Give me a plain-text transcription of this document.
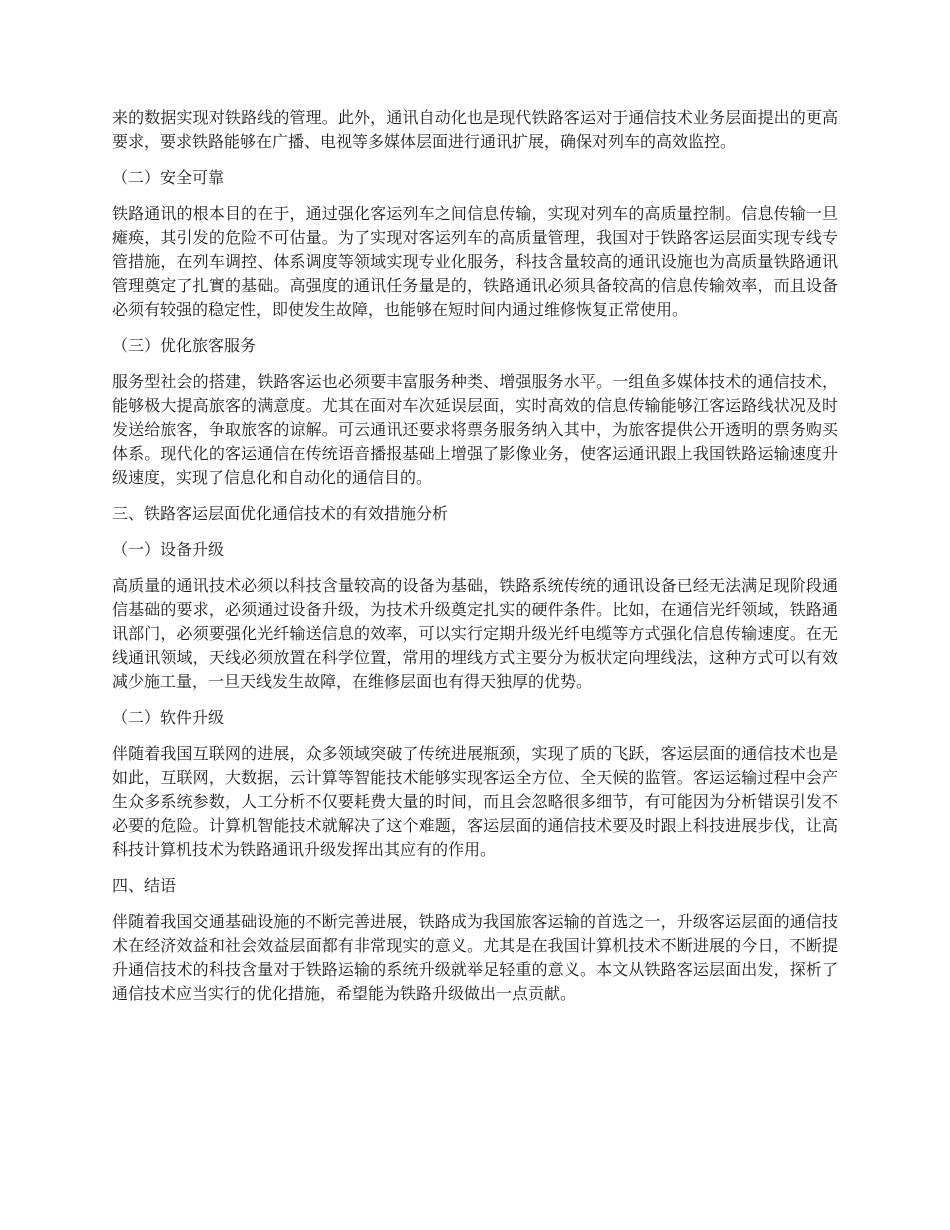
来的数据实现对铁路线的管理。此外，通讯自动化也是现代铁路客运对于通信技术业务层面提出的更高要求，要求铁路能够在广播、电视等多媒体层面进行通讯扩展，确保对列车的高效监控。

（二）安全可靠

铁路通讯的根本目的在于，通过强化客运列车之间信息传输，实现对列车的高质量控制。信息传输一旦瘫痪，其引发的危险不可估量。为了实现对客运列车的高质量管理，我国对于铁路客运层面实现专线专管措施，在列车调控、体系调度等领域实现专业化服务，科技含量较高的通讯设施也为高质量铁路通讯管理奠定了扎實的基础。高强度的通讯任务量是的，铁路通讯必须具备较高的信息传输效率，而且设备必须有较强的稳定性，即使发生故障，也能够在短时间内通过维修恢复正常使用。

（三）优化旅客服务

服务型社会的搭建，铁路客运也必须要丰富服务种类、增强服务水平。一组鱼多媒体技术的通信技术，能够极大提高旅客的满意度。尤其在面对车次延误层面，实时高效的信息传输能够江客运路线状况及时发送给旅客，争取旅客的谅解。可云通讯还要求将票务服务纳入其中，为旅客提供公开透明的票务购买体系。现代化的客运通信在传统语音播报基础上增强了影像业务，使客运通讯跟上我国铁路运输速度升级速度，实现了信息化和自动化的通信目的。

三、铁路客运层面优化通信技术的有效措施分析

（一）设备升级

高质量的通讯技术必须以科技含量较高的设备为基础，铁路系统传统的通讯设备已经无法满足现阶段通信基础的要求，必须通过设备升级，为技术升级奠定扎实的硬件条件。比如，在通信光纤领域，铁路通讯部门，必须要强化光纤输送信息的效率，可以实行定期升级光纤电缆等方式强化信息传输速度。在无线通讯领域，天线必须放置在科学位置，常用的埋线方式主要分为板状定向埋线法，这种方式可以有效减少施工量，一旦天线发生故障，在维修层面也有得天独厚的优势。

（二）软件升级

伴随着我国互联网的进展，众多领域突破了传统进展瓶颈，实现了质的飞跃，客运层面的通信技术也是如此，互联网，大数据，云计算等智能技术能够实现客运全方位、全天候的监管。客运运输过程中会产生众多系统参数，人工分析不仅要耗费大量的时间，而且会忽略很多细节，有可能因为分析错误引发不必要的危险。计算机智能技术就解决了这个难题，客运层面的通信技术要及时跟上科技进展步伐，让高科技计算机技术为铁路通讯升级发挥出其应有的作用。

四、结语

伴随着我国交通基础设施的不断完善进展，铁路成为我国旅客运输的首选之一，升级客运层面的通信技术在经济效益和社会效益层面都有非常现实的意义。尤其是在我国计算机技术不断进展的今日，不断提升通信技术的科技含量对于铁路运输的系统升级就举足轻重的意义。本文从铁路客运层面出发，探析了通信技术应当实行的优化措施，希望能为铁路升级做出一点贡献。
